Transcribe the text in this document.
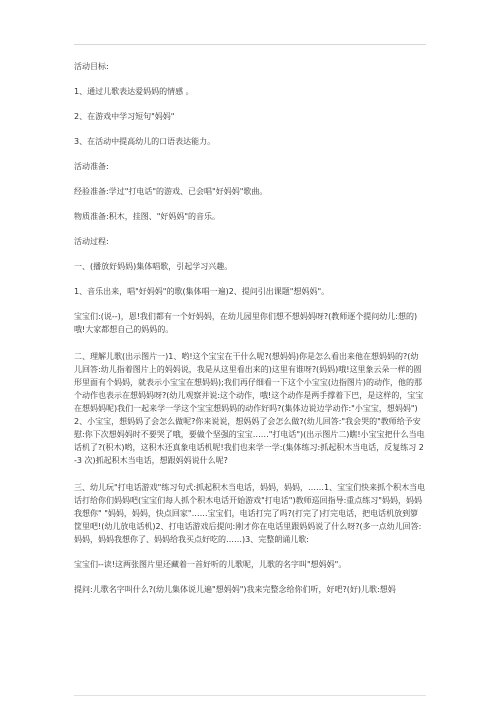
活动目标:

1、通过儿歌表达爱妈妈的情感 。

2、在游戏中学习短句"妈妈"

3、在活动中提高幼儿的口语表达能力。

活动准备:

经验准备:学过"打电话"的游戏、已会唱"好妈妈"歌曲。

物质准备:积木，挂图、"好妈妈"的音乐。

活动过程:

一、(播放好妈妈)集体唱歌，引起学习兴趣。

1、音乐出来，唱"好妈妈"的歌(集体唱一遍)2、提问引出课题"想妈妈"。

宝宝们:(说--)，恩!我们都有一个好妈妈，在幼儿园里你们想不想妈妈呀?(教师逐个提问幼儿:想的)哦!大家都想自己的妈妈的。

二、理解儿歌(出示图片一)1、哟!这个宝宝在干什么呢?(想妈妈)你是怎么看出来他在想妈妈的?(幼儿回答:幼儿指着图片上的妈妈说，我是从这里看出来的)这里有谁呀?(妈妈)哦!这里象云朵一样的圆形里面有个妈妈，就表示小宝宝在想妈妈);我们再仔细看一下这个小宝宝(边指图片)的动作，他的那个动作也表示在想妈妈呀?(幼儿观察并说:这个动作，哦!这个动作是两手撑着下巴，是这样的，宝宝在想妈妈呢)我们一起来学一学这个宝宝想妈妈的动作好吗?(集体边说边学动作:"小宝宝，想妈妈")2、小宝宝，想妈妈了会怎么做呢?你来说说，想妈妈了会怎么做?(幼儿回答:"我会哭的"教师给予安慰:你下次想妈妈时不要哭了哦，要做个坚强的宝宝……"打电话")(出示图片二)瞧!小宝宝把什么当电话机了?(积木)哟，这积木还真象电话机呢!我们也来学一学:(集体练习:抓起积木当电话，反复练习 2-3 次)抓起积木当电话，想跟妈妈说什么呢?

三、幼儿玩"打电话游戏"练习句式:抓起积木当电话，妈妈，妈妈，……1、宝宝们快来抓个积木当电话打给你们妈妈吧(宝宝们每人抓个积木电话开始游戏"打电话")教师巡回指导:重点练习"妈妈，妈妈我想你" "妈妈，妈妈，快点回家"……宝宝们，电话打完了吗?(打完了)打完电话，把电话机放到箩筐里吧!(幼儿放电话机)2、打电话游戏后提问:刚才你在电话里跟妈妈说了什么呀?(多一点幼儿回答:妈妈，妈妈我想你了、妈妈给我买点好吃的……)3、完整朗诵儿歌:

宝宝们--读!这两张图片里还藏着一首好听的儿歌呢，儿歌的名字叫"想妈妈"。

提问:儿歌名字叫什么?(幼儿集体说儿遍"想妈妈")我来完整念给你们听，好吧?(好)儿歌:想妈
